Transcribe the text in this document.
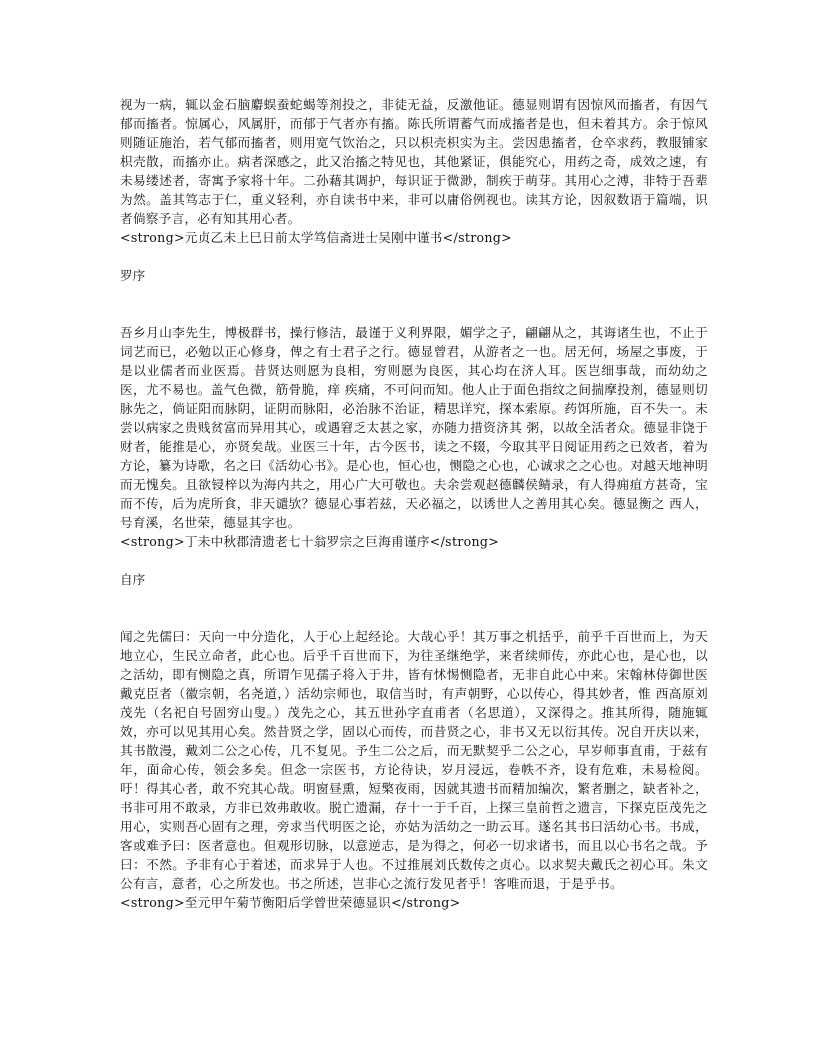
视为一病，辄以金石脑麝蜈蚕蛇蝎等剂投之，非徒无益，反激他证。德显则谓有因惊风而搐者，有因气郁而搐者。惊属心，风属肝，而郁于气者亦有搐。陈氏所谓蓄气而成搐者是也，但未着其方。余于惊风则随证施治，若气郁而搐者，则用宽气饮治之，只以枳壳枳实为主。尝因患搐者，仓卒求药，教服铺家枳壳散，而搐亦止。病者深感之，此又治搐之特见也，其他紧证，俱能究心，用药之奇，成效之速，有未易缕述者，寄寓予家将十年。二孙藉其调护，每识证于微渺，制疾于萌芽。其用心之溥，非特于吾辈为然。盖其笃志于仁，重义轻利，亦自读书中来，非可以庸俗例视也。读其方论，因叙数语于篇端，识者倘察予言，必有知其用心者。

<strong>元贞乙未上巳日前太学笃信斋进士吴刚中谨书</strong>

罗序

吾乡月山李先生，博极群书，操行修洁，最谨于义利界限，媚学之子，翩翩从之，其诲诸生也，不止于词艺而已，必勉以正心修身，俾之有士君子之行。德显曾君，从游者之一也。居无何，场屋之事废，于是以业儒者而业医焉。昔贤达则愿为良相，穷则愿为良医，其心均在济人耳。医岂细事哉，而幼幼之医，尤不易也。盖气色微，筋骨脆，痒 疾痛，不可问而知。他人止于面色指纹之间揣摩投剂，德显则切脉先之，倘证阳而脉阴，证阴而脉阳，必治脉不治证，精思详究，探本索原。药饵所施，百不失一。未尝以病家之贵贱贫富而异用其心，或遇窘乏太甚之家，亦随力措资济其 粥，以故全活者众。德显非饶于财者，能推是心，亦贤矣哉。业医三十年，古今医书，读之不辍，今取其平日阅证用药之已效者，着为方论，纂为诗歌，名之曰《活幼心书》。是心也，恒心也，恻隐之心也，心诚求之之心也。对越天地神明而无愧矣。且欲锓梓以为海内共之，用心广大可敬也。夫余尝观赵德麟侯鲭录，有人得痈疽方甚奇，宝而不传，后为虎所食，非天谴欤？德显心事若兹，天必福之，以诱世人之善用其心矣。德显衡之 西人，号育溪，名世荣，德显其字也。

<strong>丁未中秋郡清遗老七十翁罗宗之巨海甫谨序</strong>

自序

闻之先儒曰：天向一中分造化，人于心上起经论。大哉心乎！其万事之机括乎，前乎千百世而上，为天地立心，生民立命者，此心也。后乎千百世而下，为往圣继绝学，来者续师传，亦此心也，是心也，以之活幼，即有恻隐之真，所谓乍见孺子将入于井，皆有怵惕恻隐者，无非自此心中来。宋翰林侍御世医戴克臣者（徽宗朝，名尧道，）活幼宗师也，取信当时，有声朝野，心以传心，得其妙者，惟 西高原刘茂先（名祀自号固穷山叟。）茂先之心，其五世孙字直甫者（名思道），又深得之。推其所得，随施辄效，亦可以见其用心矣。然昔贤之学，固以心而传，而昔贤之心，非书又无以衍其传。况自开庆以来，其书散漫，戴刘二公之心传，几不复见。予生二公之后，而无默契乎二公之心，早岁师事直甫，于兹有年，面命心传，领会多矣。但念一宗医书，方论待诀，岁月浸远，卷帙不齐，设有危难，未易检阅。吁！得其心者，敢不究其心哉。明窗昼熏，短檠夜雨，因就其遗书而精加编次，繁者删之，缺者补之，书非可用不敢录，方非已效弗敢收。脱亡遗漏，存十一于千百，上探三皇前哲之遗言，下探克臣茂先之用心，实则吾心固有之理，旁求当代明医之论，亦姑为活幼之一助云耳。遂名其书曰活幼心书。书成，客或难予曰：医者意也。但观形切脉，以意逆志，是为得之，何必一切求诸书，而且以心书名之哉。予曰：不然。予非有心于着述，而求异于人也。不过推展刘氏数传之贞心。以求契夫戴氏之初心耳。朱文公有言，意者，心之所发也。书之所述，岂非心之流行发见者乎！客唯而退，于是乎书。

<strong>至元甲午菊节衡阳后学曾世荣德显识</strong>
